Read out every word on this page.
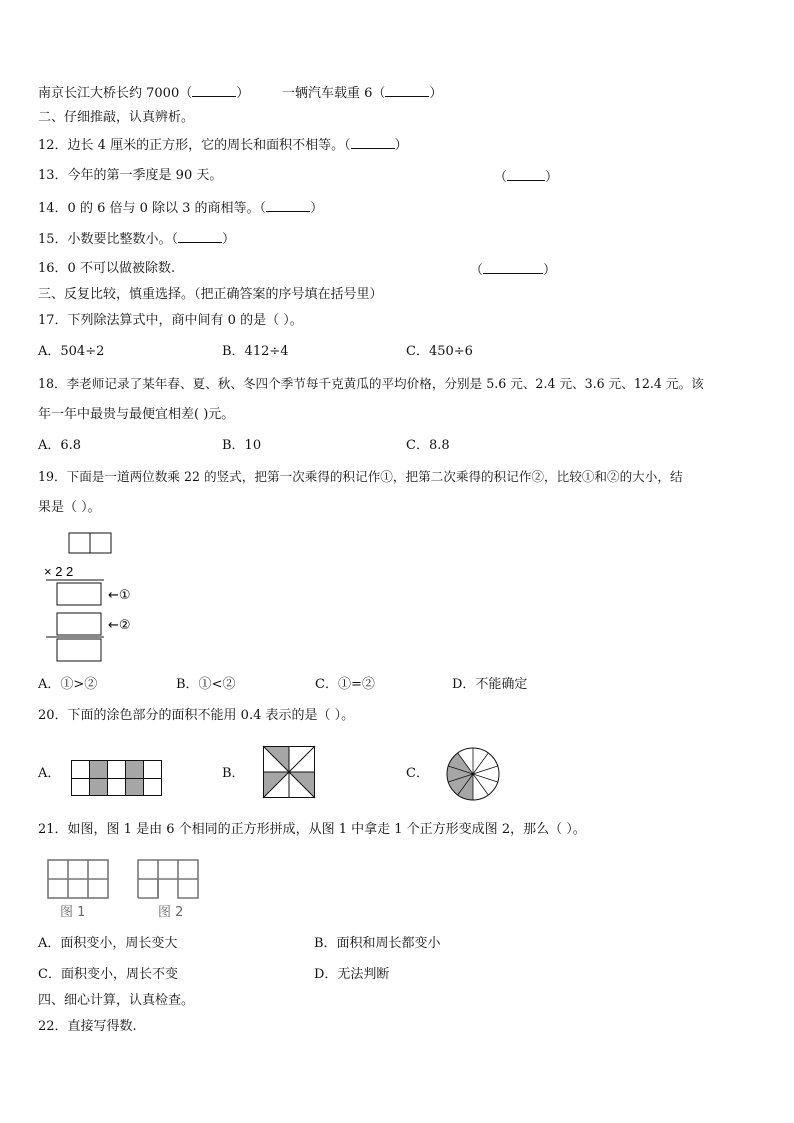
南京长江大桥长约 7000（	）	一辆汽车载重 6（	）
二、仔细推敲，认真辨析。
12．边长 4 厘米的正方形，它的周长和面积不相等。（	）
13．今年的第一季度是 90 天。	（	）
14．0 的 6 倍与 0 除以 3 的商相等。（	）
15．小数要比整数小。（	）
16．0 不可以做被除数.	（	）
三、反复比较，慎重选择。（把正确答案的序号填在括号里）
17．下列除法算式中，商中间有 0 的是（ ）。
A．504÷2	B．412÷4	C．450÷6
18．李老师记录了某年春、夏、秋、冬四个季节每千克黄瓜的平均价格，分别是 5.6 元、2.4 元、3.6 元、12.4 元。该
年一年中最贵与最便宜相差( )元。
A．6.8	B．10	C．8.8
19．下面是一道两位数乘 22 的竖式，把第一次乘得的积记作①，把第二次乘得的积记作②，比较①和②的大小，结
果是（ ）。
× 2 2
←①
←②
A．①>②	B．①<②	C．①=②	D．不能确定
20．下面的涂色部分的面积不能用 0.4 表示的是（ ）。
A．	B．	C．
21．如图，图 1 是由 6 个相同的正方形拼成，从图 1 中拿走 1 个正方形变成图 2，那么（ ）。
图 1	图 2
A．面积变小，周长变大	B．面积和周长都变小
C．面积变小，周长不变	D．无法判断
四、细心计算，认真检查。
22．直接写得数.
